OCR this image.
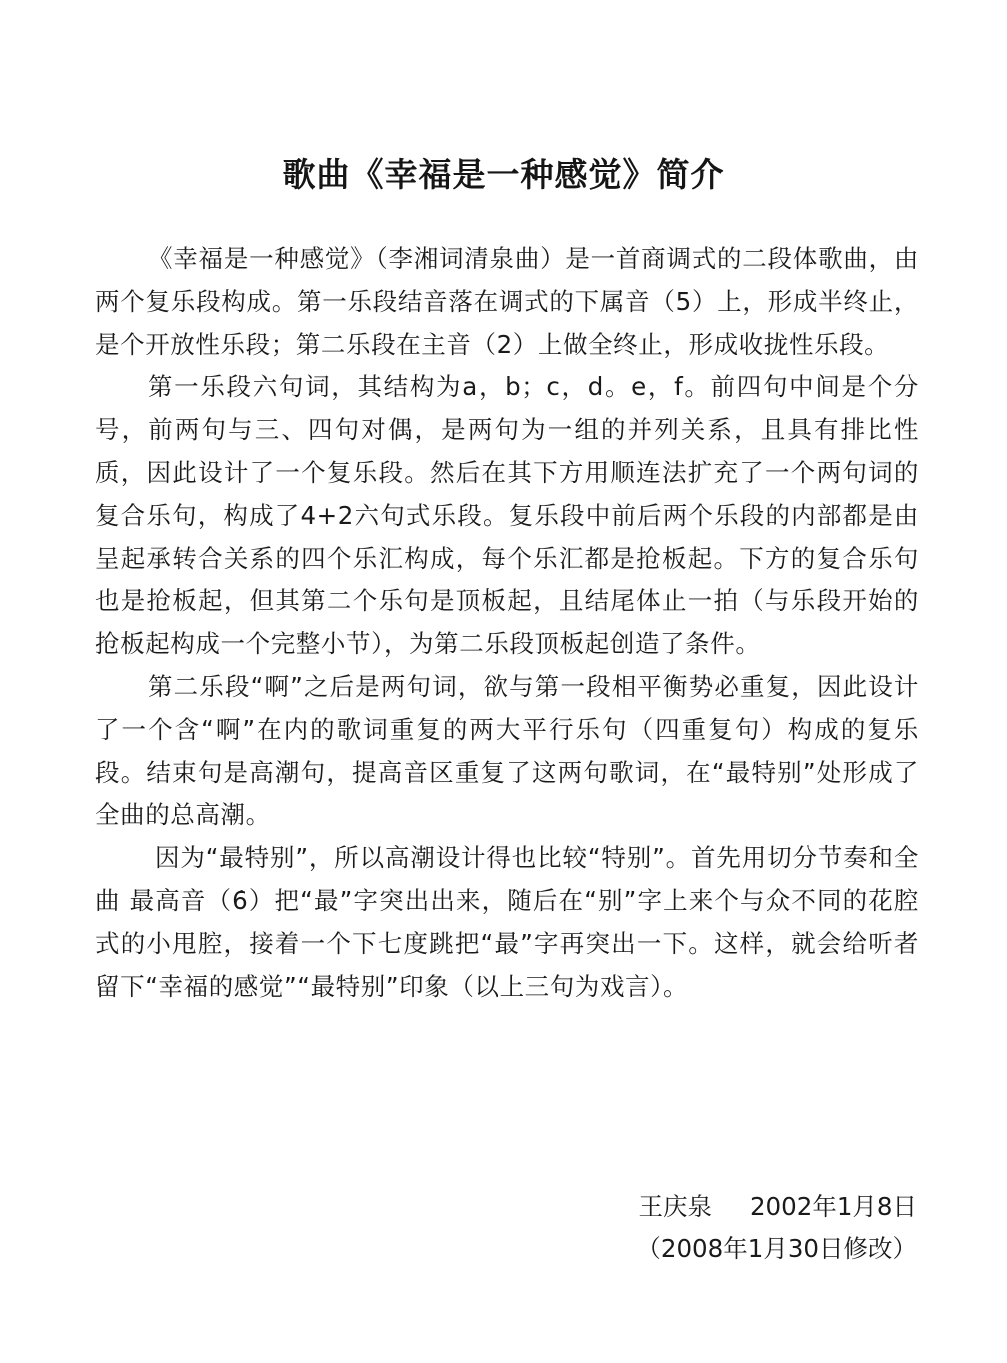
歌曲《幸福是一种感觉》简介

《幸福是一种感觉》（李湘词清泉曲）是一首商调式的二段体歌曲，由两个复乐段构成。第一乐段结音落在调式的下属音（5）上，形成半终止，是个开放性乐段；第二乐段在主音（2）上做全终止，形成收拢性乐段。

第一乐段六句词，其结构为a，b；c，d。e，f。前四句中间是个分号，前两句与三、四句对偶，是两句为一组的并列关系，且具有排比性质，因此设计了一个复乐段。然后在其下方用顺连法扩充了一个两句词的复合乐句，构成了4+2六句式乐段。复乐段中前后两个乐段的内部都是由呈起承转合关系的四个乐汇构成，每个乐汇都是抢板起。下方的复合乐句也是抢板起，但其第二个乐句是顶板起，且结尾体止一拍（与乐段开始的抢板起构成一个完整小节），为第二乐段顶板起创造了条件。

第二乐段“啊”之后是两句词，欲与第一段相平衡势必重复，因此设计了一个含“啊”在内的歌词重复的两大平行乐句（四重复句）构成的复乐段。结束句是高潮句，提高音区重复了这两句歌词，在“最特别”处形成了全曲的总高潮。

因为“最特别”，所以高潮设计得也比较“特别”。首先用切分节奏和全曲 最高音（6̇）把“最”字突出出来，随后在“别”字上来个与众不同的花腔式的小甩腔，接着一个下七度跳把“最”字再突出一下。这样，就会给听者留下“幸福的感觉”“最特别”印象（以上三句为戏言）。

王庆泉 2002年1月8日
（2008年1月30日修改）
